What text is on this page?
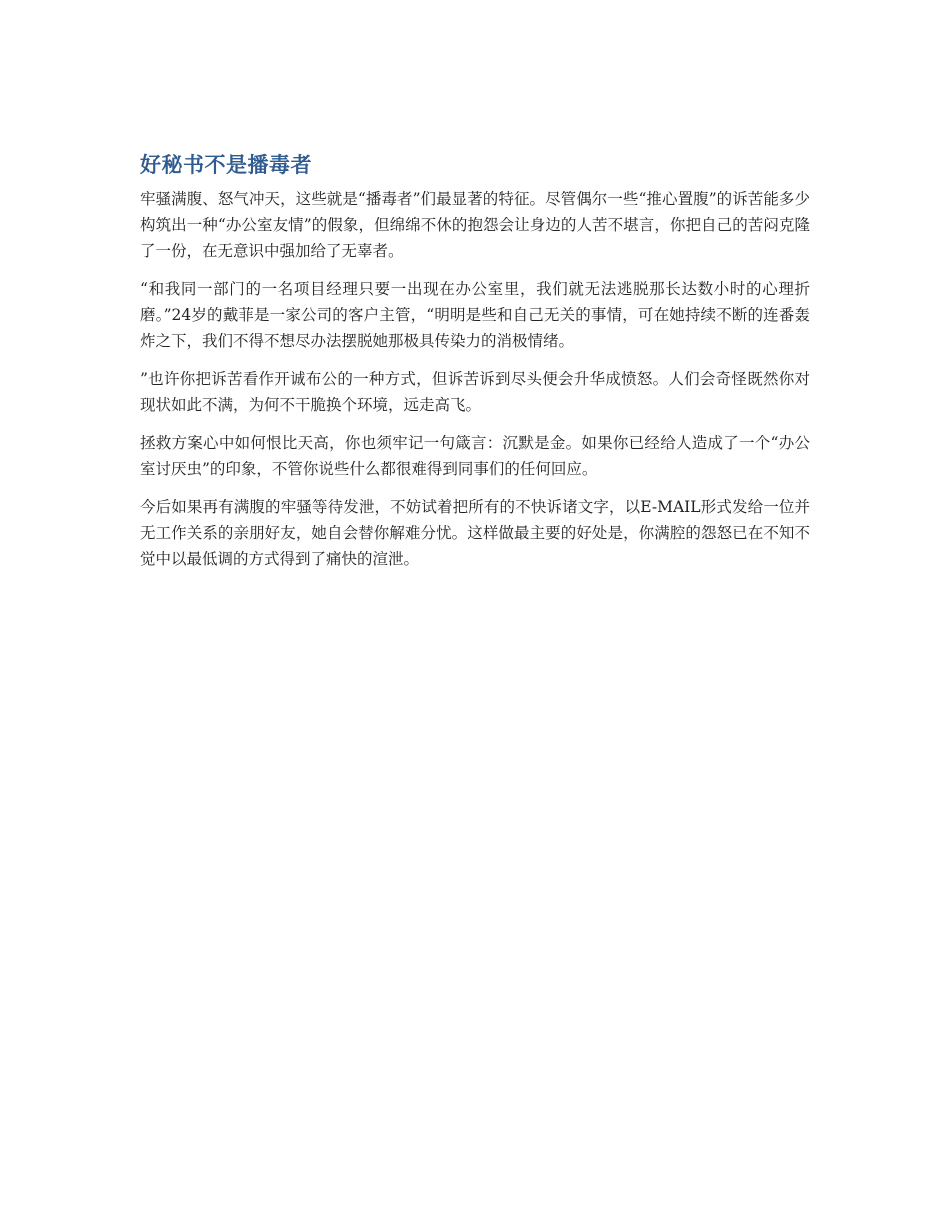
好秘书不是播毒者

牢骚满腹、怒气冲天，这些就是“播毒者”们最显著的特征。尽管偶尔一些“推心置腹”的诉苦能多少构筑出一种“办公室友情”的假象，但绵绵不休的抱怨会让身边的人苦不堪言，你把自己的苦闷克隆了一份，在无意识中强加给了无辜者。

“和我同一部门的一名项目经理只要一出现在办公室里，我们就无法逃脱那长达数小时的心理折磨。”24岁的戴菲是一家公司的客户主管，“明明是些和自己无关的事情，可在她持续不断的连番轰炸之下，我们不得不想尽办法摆脱她那极具传染力的消极情绪。

”也许你把诉苦看作开诚布公的一种方式，但诉苦诉到尽头便会升华成愤怒。人们会奇怪既然你对现状如此不满，为何不干脆换个环境，远走高飞。

拯救方案心中如何恨比天高，你也须牢记一句箴言：沉默是金。如果你已经给人造成了一个“办公室讨厌虫”的印象，不管你说些什么都很难得到同事们的任何回应。

今后如果再有满腹的牢骚等待发泄，不妨试着把所有的不快诉诸文字，以E-MAIL形式发给一位并无工作关系的亲朋好友，她自会替你解难分忧。这样做最主要的好处是，你满腔的怨怒已在不知不觉中以最低调的方式得到了痛快的渲泄。
